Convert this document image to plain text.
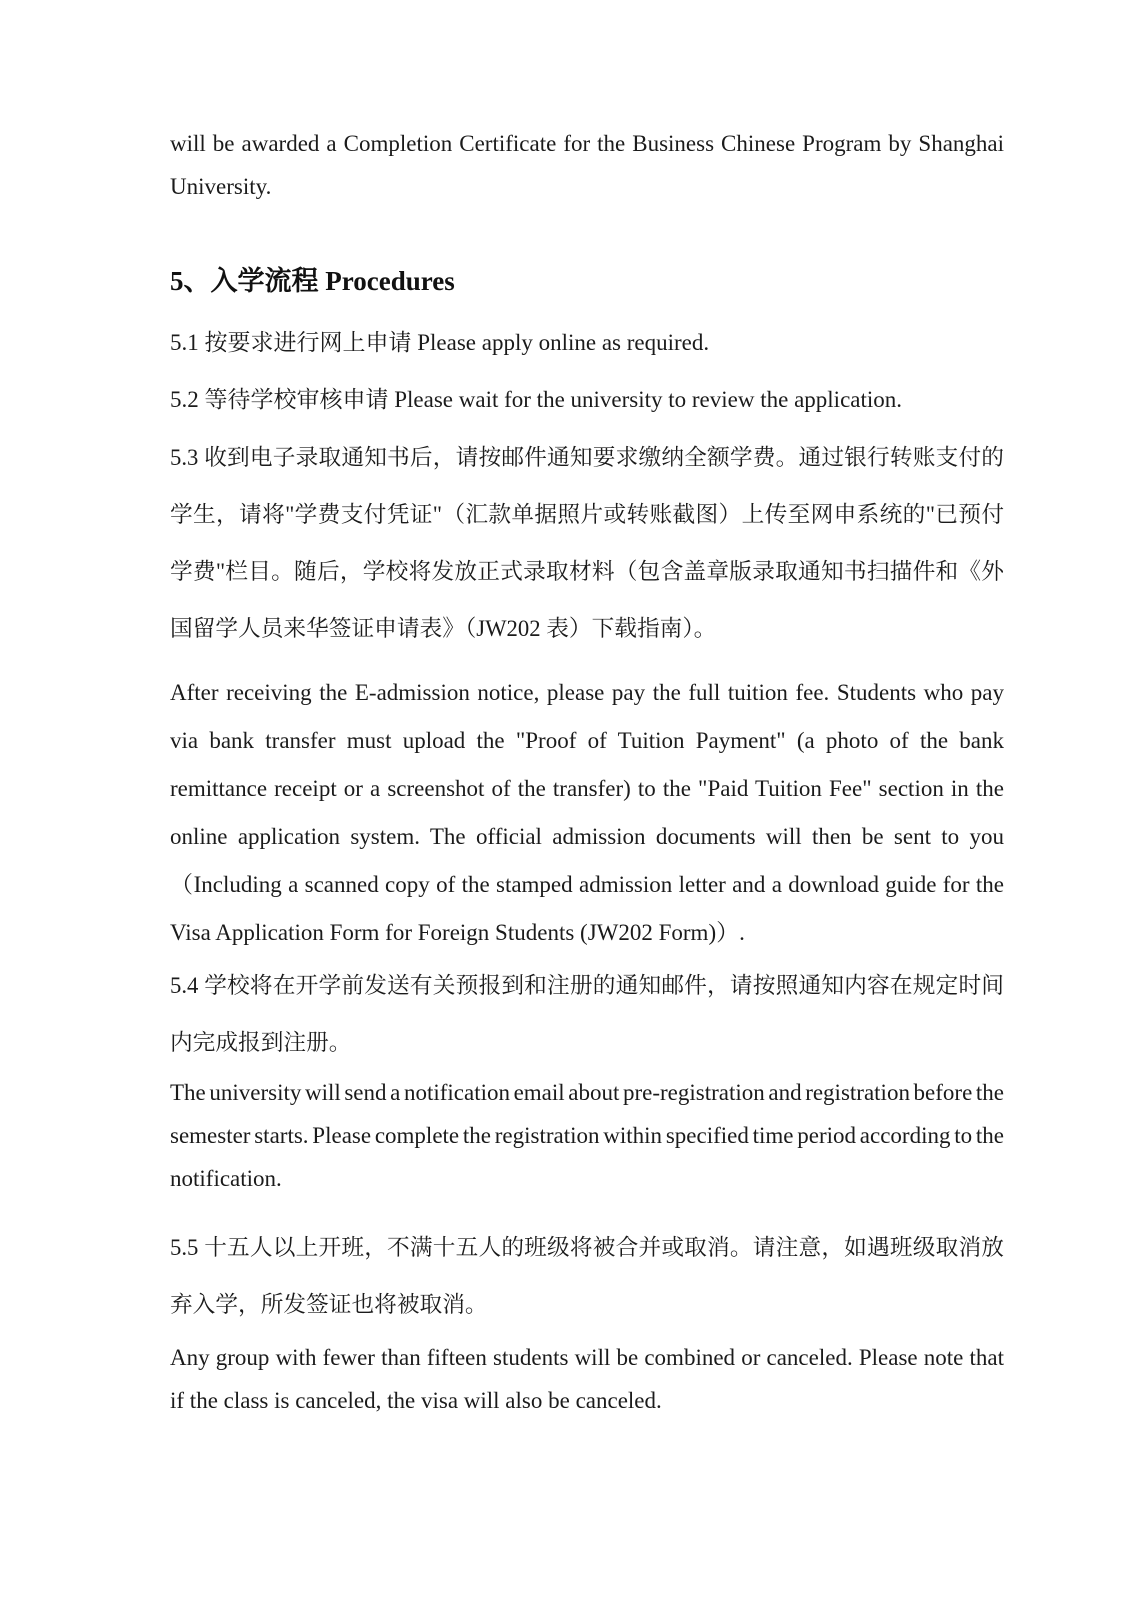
will be awarded a Completion Certificate for the Business Chinese Program by Shanghai University.

5、入学流程 Procedures

5.1 按要求进行网上申请 Please apply online as required.

5.2 等待学校审核申请 Please wait for the university to review the application.

5.3 收到电子录取通知书后，请按邮件通知要求缴纳全额学费。通过银行转账支付的学生，请将"学费支付凭证"（汇款单据照片或转账截图）上传至网申系统的"已预付学费"栏目。随后，学校将发放正式录取材料（包含盖章版录取通知书扫描件和《外国留学人员来华签证申请表》（JW202 表）下载指南）。

After receiving the E-admission notice, please pay the full tuition fee. Students who pay via bank transfer must upload the "Proof of Tuition Payment" (a photo of the bank remittance receipt or a screenshot of the transfer) to the "Paid Tuition Fee" section in the online application system. The official admission documents will then be sent to you（Including a scanned copy of the stamped admission letter and a download guide for the Visa Application Form for Foreign Students (JW202 Form)）.

5.4 学校将在开学前发送有关预报到和注册的通知邮件，请按照通知内容在规定时间内完成报到注册。

The university will send a notification email about pre-registration and registration before the semester starts. Please complete the registration within specified time period according to the notification.

5.5 十五人以上开班，不满十五人的班级将被合并或取消。请注意，如遇班级取消放弃入学，所发签证也将被取消。

Any group with fewer than fifteen students will be combined or canceled. Please note that if the class is canceled, the visa will also be canceled.
